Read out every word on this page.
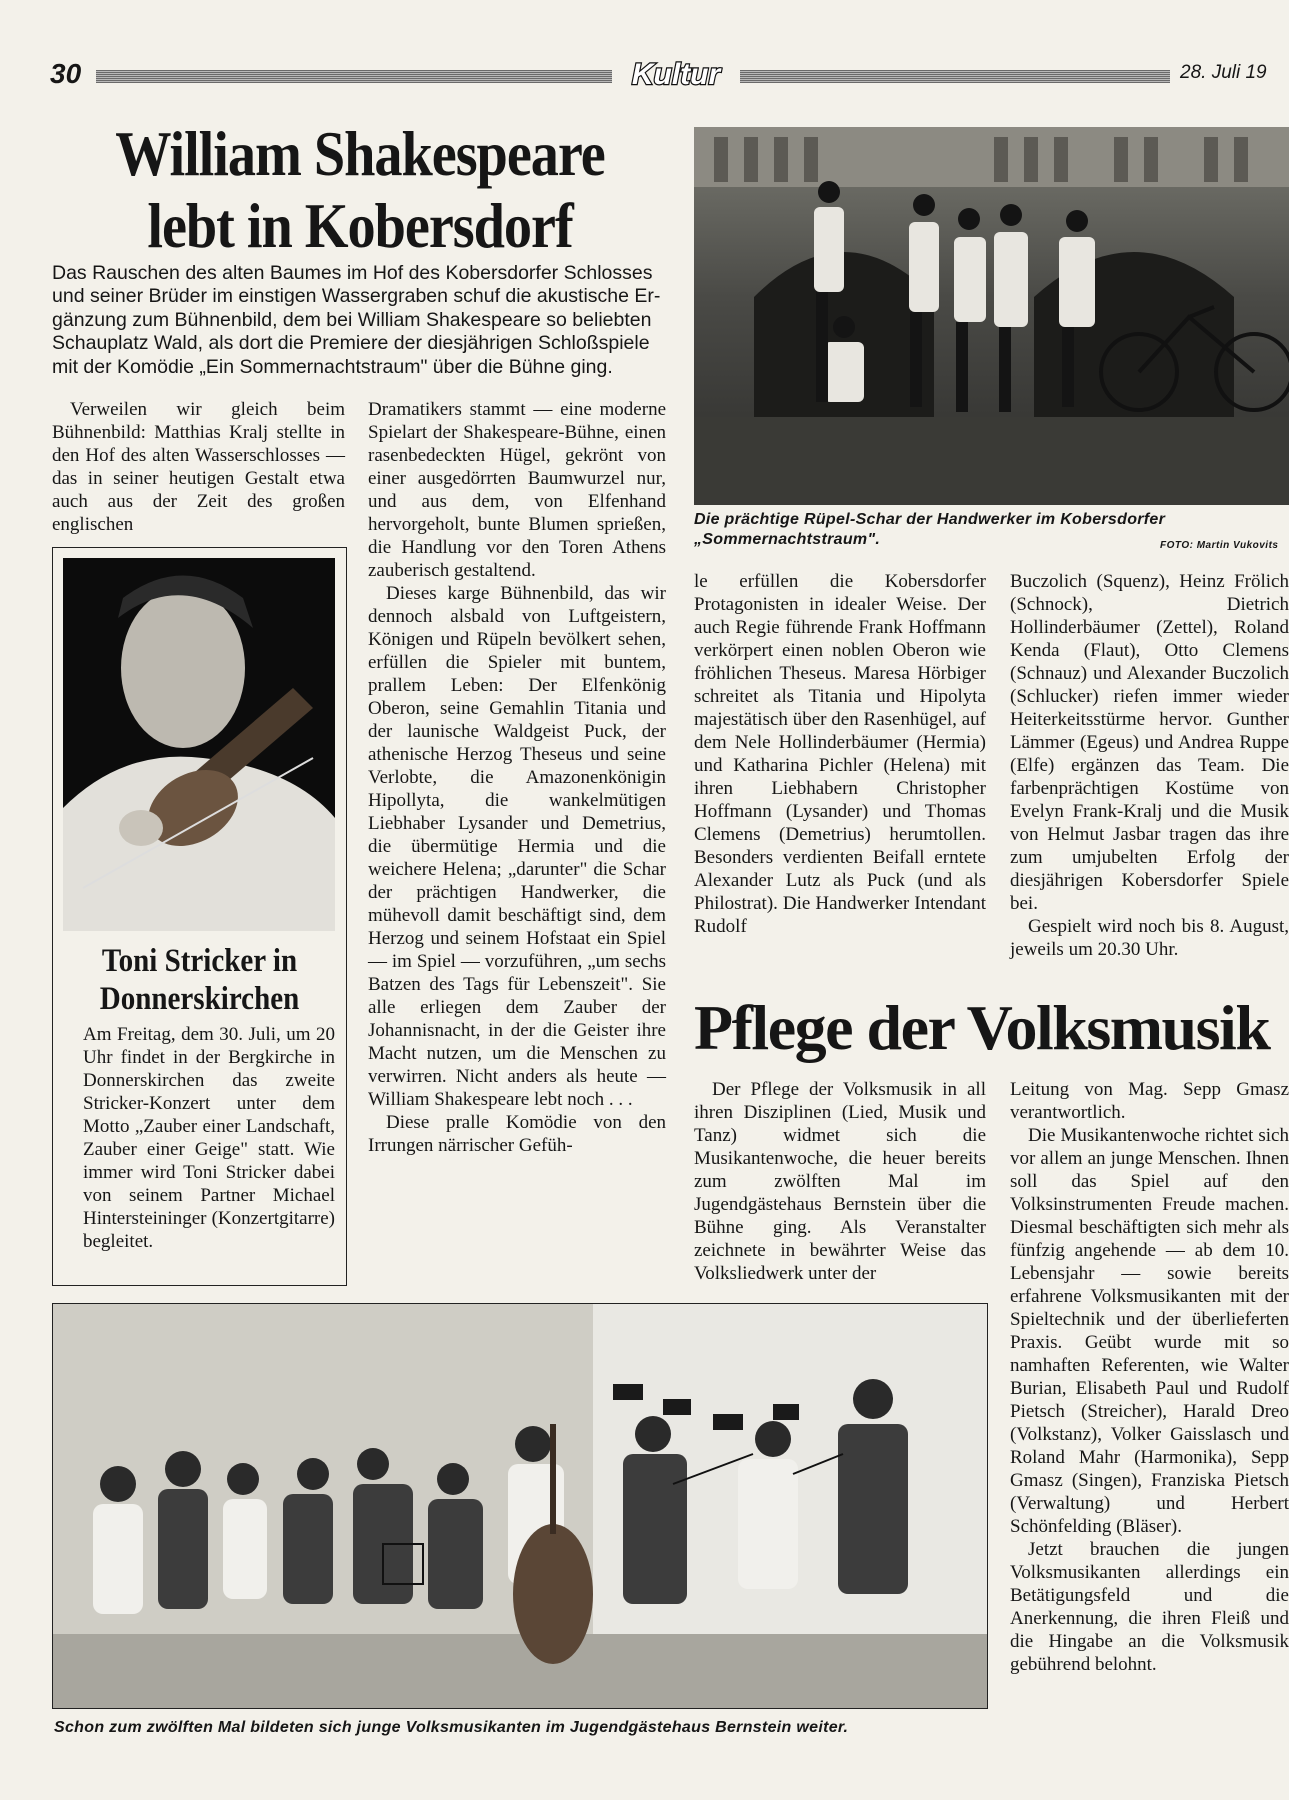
30	Kultur	28. Juli 19
William Shakespeare
lebt in Kobersdorf
Das Rauschen des alten Baumes im Hof des Kobersdorfer Schlosses
und seiner Brüder im einstigen Wassergraben schuf die akustische Er-
gänzung zum Bühnenbild, dem bei William Shakespeare so beliebten
Schauplatz Wald, als dort die Premiere der diesjährigen Schloßspiele
mit der Komödie „Ein Sommernachtstraum" über die Bühne ging.
Die prächtige Rüpel-Schar der Handwerker im Kobersdorfer „Sommernachtstraum".	FOTO: Martin Vukovits

Verweilen wir gleich beim Bühnenbild: Matthias Kralj stellte in den Hof des alten Wasserschlosses — das in seiner heutigen Gestalt etwa auch aus der Zeit des großen englischen

Toni Stricker in
Donnerskirchen

Am Freitag, dem 30. Juli, um 20 Uhr findet in der Bergkirche in Donnerskirchen das zweite Stricker-Konzert unter dem Motto „Zauber einer Landschaft, Zauber einer Geige" statt. Wie immer wird Toni Stricker dabei von seinem Partner Michael Hintersteininger (Konzertgitarre) begleitet.

Dramatikers stammt — eine moderne Spielart der Shakespeare-Bühne, einen rasenbedeckten Hügel, gekrönt von einer ausgedörrten Baumwurzel nur, und aus dem, von Elfenhand hervorgeholt, bunte Blumen sprießen, die Handlung vor den Toren Athens zauberisch gestaltend.

Dieses karge Bühnenbild, das wir dennoch alsbald von Luftgeistern, Königen und Rüpeln bevölkert sehen, erfüllen die Spieler mit buntem, prallem Leben: Der Elfenkönig Oberon, seine Gemahlin Titania und der launische Waldgeist Puck, der athenische Herzog Theseus und seine Verlobte, die Amazonenkönigin Hipollyta, die wankelmütigen Liebhaber Lysander und Demetrius, die übermütige Hermia und die weichere Helena; „darunter" die Schar der prächtigen Handwerker, die mühevoll damit beschäftigt sind, dem Herzog und seinem Hofstaat ein Spiel — im Spiel — vorzuführen, „um sechs Batzen des Tags für Lebenszeit". Sie alle erliegen dem Zauber der Johannisnacht, in der die Geister ihre Macht nutzen, um die Menschen zu verwirren. Nicht anders als heute — William Shakespeare lebt noch . . .

Diese pralle Komödie von den Irrungen närrischer Gefüh-

le erfüllen die Kobersdorfer Protagonisten in idealer Weise. Der auch Regie führende Frank Hoffmann verkörpert einen noblen Oberon wie fröhlichen Theseus. Maresa Hörbiger schreitet als Titania und Hipolyta majestätisch über den Rasenhügel, auf dem Nele Hollinderbäumer (Hermia) und Katharina Pichler (Helena) mit ihren Liebhabern Christopher Hoffmann (Lysander) und Thomas Clemens (Demetrius) herumtollen. Besonders verdienten Beifall erntete Alexander Lutz als Puck (und als Philostrat). Die Handwerker Intendant Rudolf

Buczolich (Squenz), Heinz Frölich (Schnock), Dietrich Hollinderbäumer (Zettel), Roland Kenda (Flaut), Otto Clemens (Schnauz) und Alexander Buczolich (Schlucker) riefen immer wieder Heiterkeitsstürme hervor. Gunther Lämmer (Egeus) und Andrea Ruppe (Elfe) ergänzen das Team. Die farbenprächtigen Kostüme von Evelyn Frank-Kralj und die Musik von Helmut Jasbar tragen das ihre zum umjubelten Erfolg der diesjährigen Kobersdorfer Spiele bei.

Gespielt wird noch bis 8. August, jeweils um 20.30 Uhr.

Pflege der Volksmusik

Der Pflege der Volksmusik in all ihren Disziplinen (Lied, Musik und Tanz) widmet sich die Musikantenwoche, die heuer bereits zum zwölften Mal im Jugendgästehaus Bernstein über die Bühne ging. Als Veranstalter zeichnete in bewährter Weise das Volksliedwerk unter der

Leitung von Mag. Sepp Gmasz verantwortlich.

Die Musikantenwoche richtet sich vor allem an junge Menschen. Ihnen soll das Spiel auf den Volksinstrumenten Freude machen. Diesmal beschäftigten sich mehr als fünfzig angehende — ab dem 10. Lebensjahr — sowie bereits erfahrene Volksmusikanten mit der Spieltechnik und der überlieferten Praxis. Geübt wurde mit so namhaften Referenten, wie Walter Burian, Elisabeth Paul und Rudolf Pietsch (Streicher), Harald Dreo (Volkstanz), Volker Gaisslasch und Roland Mahr (Harmonika), Sepp Gmasz (Singen), Franziska Pietsch (Verwaltung) und Herbert Schönfelding (Bläser).

Jetzt brauchen die jungen Volksmusikanten allerdings ein Betätigungsfeld und die Anerkennung, die ihren Fleiß und die Hingabe an die Volksmusik gebührend belohnt.

Schon zum zwölften Mal bildeten sich junge Volksmusikanten im Jugendgästehaus Bernstein weiter.
